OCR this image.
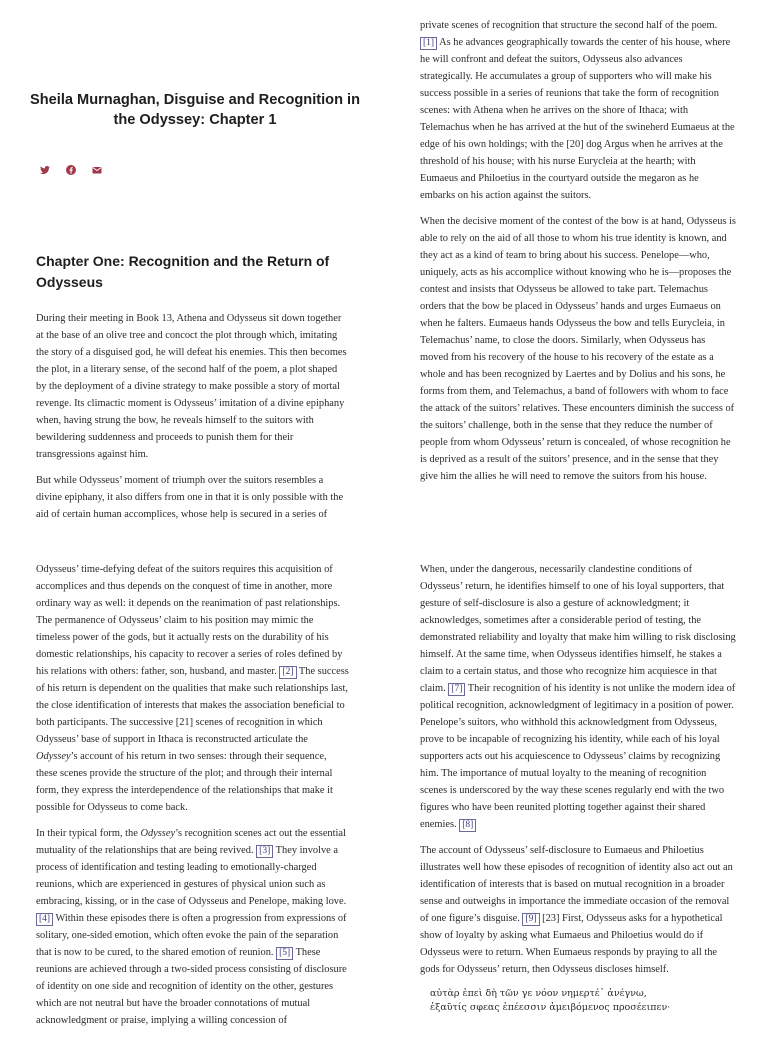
Sheila Murnaghan, Disguise and Recognition in the Odyssey: Chapter 1
Chapter One: Recognition and the Return of Odysseus

During their meeting in Book 13, Athena and Odysseus sit down together at the base of an olive tree and concoct the plot through which, imitating the story of a disguised god, he will defeat his enemies. This then becomes the plot, in a literary sense, of the second half of the poem, a plot shaped by the deployment of a divine strategy to make possible a story of mortal revenge. Its climactic moment is Odysseus’ imitation of a divine epiphany when, having strung the bow, he reveals himself to the suitors with bewildering suddenness and proceeds to punish them for their transgressions against him.

But while Odysseus’ moment of triumph over the suitors resembles a divine epiphany, it also differs from one in that it is only possible with the aid of certain human accomplices, whose help is secured in a series of

private scenes of recognition that structure the second half of the poem. [1] As he advances geographically towards the center of his house, where he will confront and defeat the suitors, Odysseus also advances strategically. He accumulates a group of supporters who will make his success possible in a series of reunions that take the form of recognition scenes: with Athena when he arrives on the shore of Ithaca; with Telemachus when he has arrived at the hut of the swineherd Eumaeus at the edge of his own holdings; with the [20] dog Argus when he arrives at the threshold of his house; with his nurse Eurycleia at the hearth; with Eumaeus and Philoetius in the courtyard outside the megaron as he embarks on his action against the suitors.

When the decisive moment of the contest of the bow is at hand, Odysseus is able to rely on the aid of all those to whom his true identity is known, and they act as a kind of team to bring about his success. Penelope—who, uniquely, acts as his accomplice without knowing who he is—proposes the contest and insists that Odysseus be allowed to take part. Telemachus orders that the bow be placed in Odysseus’ hands and urges Eumaeus on when he falters. Eumaeus hands Odysseus the bow and tells Eurycleia, in Telemachus’ name, to close the doors. Similarly, when Odysseus has moved from his recovery of the house to his recovery of the estate as a whole and has been recognized by Laertes and by Dolius and his sons, he forms from them, and Telemachus, a band of followers with whom to face the attack of the suitors’ relatives. These encounters diminish the success of the suitors’ challenge, both in the sense that they reduce the number of people from whom Odysseus’ return is concealed, of whose recognition he is deprived as a result of the suitors’ presence, and in the sense that they give him the allies he will need to remove the suitors from his house.

Odysseus’ time-defying defeat of the suitors requires this acquisition of accomplices and thus depends on the conquest of time in another, more ordinary way as well: it depends on the reanimation of past relationships. The permanence of Odysseus’ claim to his position may mimic the timeless power of the gods, but it actually rests on the durability of his domestic relationships, his capacity to recover a series of roles defined by his relations with others: father, son, husband, and master. [2] The success of his return is dependent on the qualities that make such relationships last, the close identification of interests that makes the association beneficial to both participants. The successive [21] scenes of recognition in which Odysseus’ base of support in Ithaca is reconstructed articulate the Odyssey’s account of his return in two senses: through their sequence, these scenes provide the structure of the plot; and through their internal form, they express the interdependence of the relationships that make it possible for Odysseus to come back.

In their typical form, the Odyssey’s recognition scenes act out the essential mutuality of the relationships that are being revived. [3] They involve a process of identification and testing leading to emotionally-charged reunions, which are experienced in gestures of physical union such as embracing, kissing, or in the case of Odysseus and Penelope, making love. [4] Within these episodes there is often a progression from expressions of solitary, one-sided emotion, which often evoke the pain of the separation that is now to be cured, to the shared emotion of reunion. [5] These reunions are achieved through a two-sided process consisting of disclosure of identity on one side and recognition of identity on the other, gestures which are not neutral but have the broader connotations of mutual acknowledgment or praise, implying a willing concession of

When, under the dangerous, necessarily clandestine conditions of Odysseus’ return, he identifies himself to one of his loyal supporters, that gesture of self-disclosure is also a gesture of acknowledgment; it acknowledges, sometimes after a considerable period of testing, the demonstrated reliability and loyalty that make him willing to risk disclosing himself. At the same time, when Odysseus identifies himself, he stakes a claim to a certain status, and those who recognize him acquiesce in that claim. [7] Their recognition of his identity is not unlike the modern idea of political recognition, acknowledgment of legitimacy in a position of power. Penelope’s suitors, who withhold this acknowledgment from Odysseus, prove to be incapable of recognizing his identity, while each of his loyal supporters acts out his acquiescence to Odysseus’ claims by recognizing him. The importance of mutual loyalty to the meaning of recognition scenes is underscored by the way these scenes regularly end with the two figures who have been reunited plotting together against their shared enemies. [8]

The account of Odysseus’ self-disclosure to Eumaeus and Philoetius illustrates well how these episodes of recognition of identity also act out an identification of interests that is based on mutual recognition in a broader sense and outweighs in importance the immediate occasion of the removal of one figure’s disguise. [9] [23] First, Odysseus asks for a hypothetical show of loyalty by asking what Eumaeus and Philoetius would do if Odysseus were to return. When Eumaeus responds by praying to all the gods for Odysseus’ return, then Odysseus discloses himself.

αὐτὰρ ἐπεὶ δὴ τῶν γε νόον νημερτέ᾽ ἀνέγνω,
ἐξαῦτίς σφεας ἐπέεσσιν ἀμειβόμενος προσέειπεν·
